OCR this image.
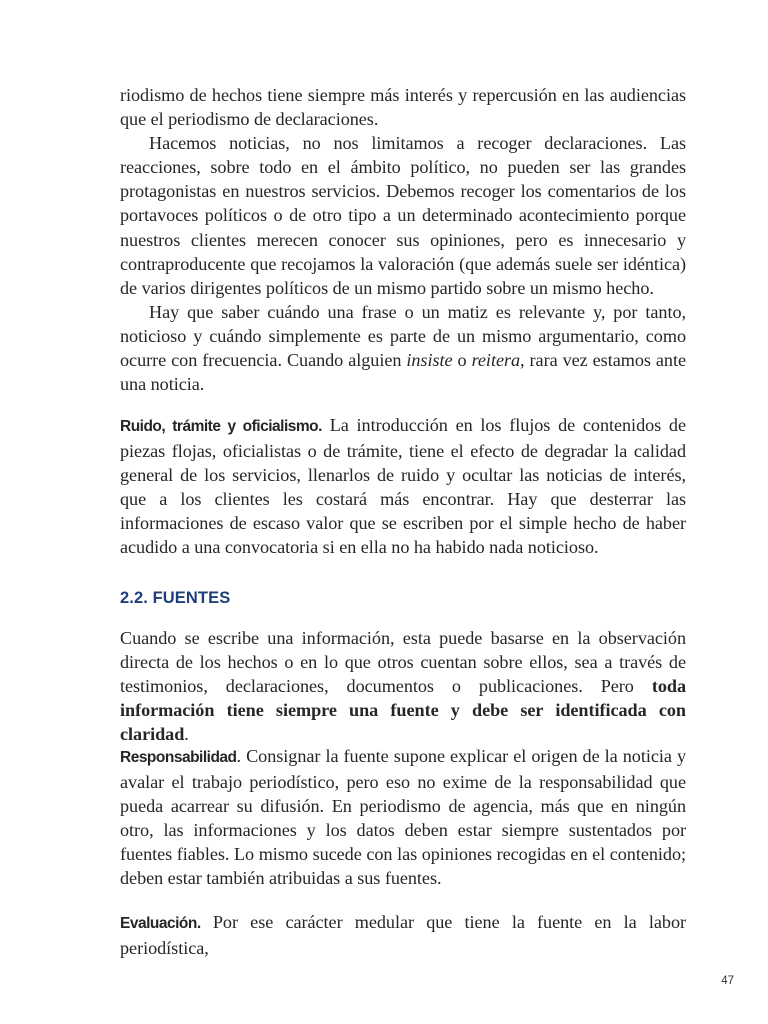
riodismo de hechos tiene siempre más interés y repercusión en las audiencias que el periodismo de declaraciones.

Hacemos noticias, no nos limitamos a recoger declaraciones. Las reacciones, sobre todo en el ámbito político, no pueden ser las grandes protagonistas en nuestros servicios. Debemos recoger los comentarios de los portavoces políticos o de otro tipo a un determinado acontecimiento porque nuestros clientes merecen conocer sus opiniones, pero es innecesario y contraproducente que recojamos la valoración (que además suele ser idéntica) de varios dirigentes políticos de un mismo partido sobre un mismo hecho.

Hay que saber cuándo una frase o un matiz es relevante y, por tanto, noticioso y cuándo simplemente es parte de un mismo argumentario, como ocurre con frecuencia. Cuando alguien insiste o reitera, rara vez estamos ante una noticia.

Ruido, trámite y oficialismo. La introducción en los flujos de contenidos de piezas flojas, oficialistas o de trámite, tiene el efecto de degradar la calidad general de los servicios, llenarlos de ruido y ocultar las noticias de interés, que a los clientes les costará más encontrar. Hay que desterrar las informaciones de escaso valor que se escriben por el simple hecho de haber acudido a una convocatoria si en ella no ha habido nada noticioso.

2.2. FUENTES

Cuando se escribe una información, esta puede basarse en la observación directa de los hechos o en lo que otros cuentan sobre ellos, sea a través de testimonios, declaraciones, documentos o publicaciones. Pero toda información tiene siempre una fuente y debe ser identificada con claridad.

Responsabilidad. Consignar la fuente supone explicar el origen de la noticia y avalar el trabajo periodístico, pero eso no exime de la responsabilidad que pueda acarrear su difusión. En periodismo de agencia, más que en ningún otro, las informaciones y los datos deben estar siempre sustentados por fuentes fiables. Lo mismo sucede con las opiniones recogidas en el contenido; deben estar también atribuidas a sus fuentes.

Evaluación. Por ese carácter medular que tiene la fuente en la labor periodística,

47
